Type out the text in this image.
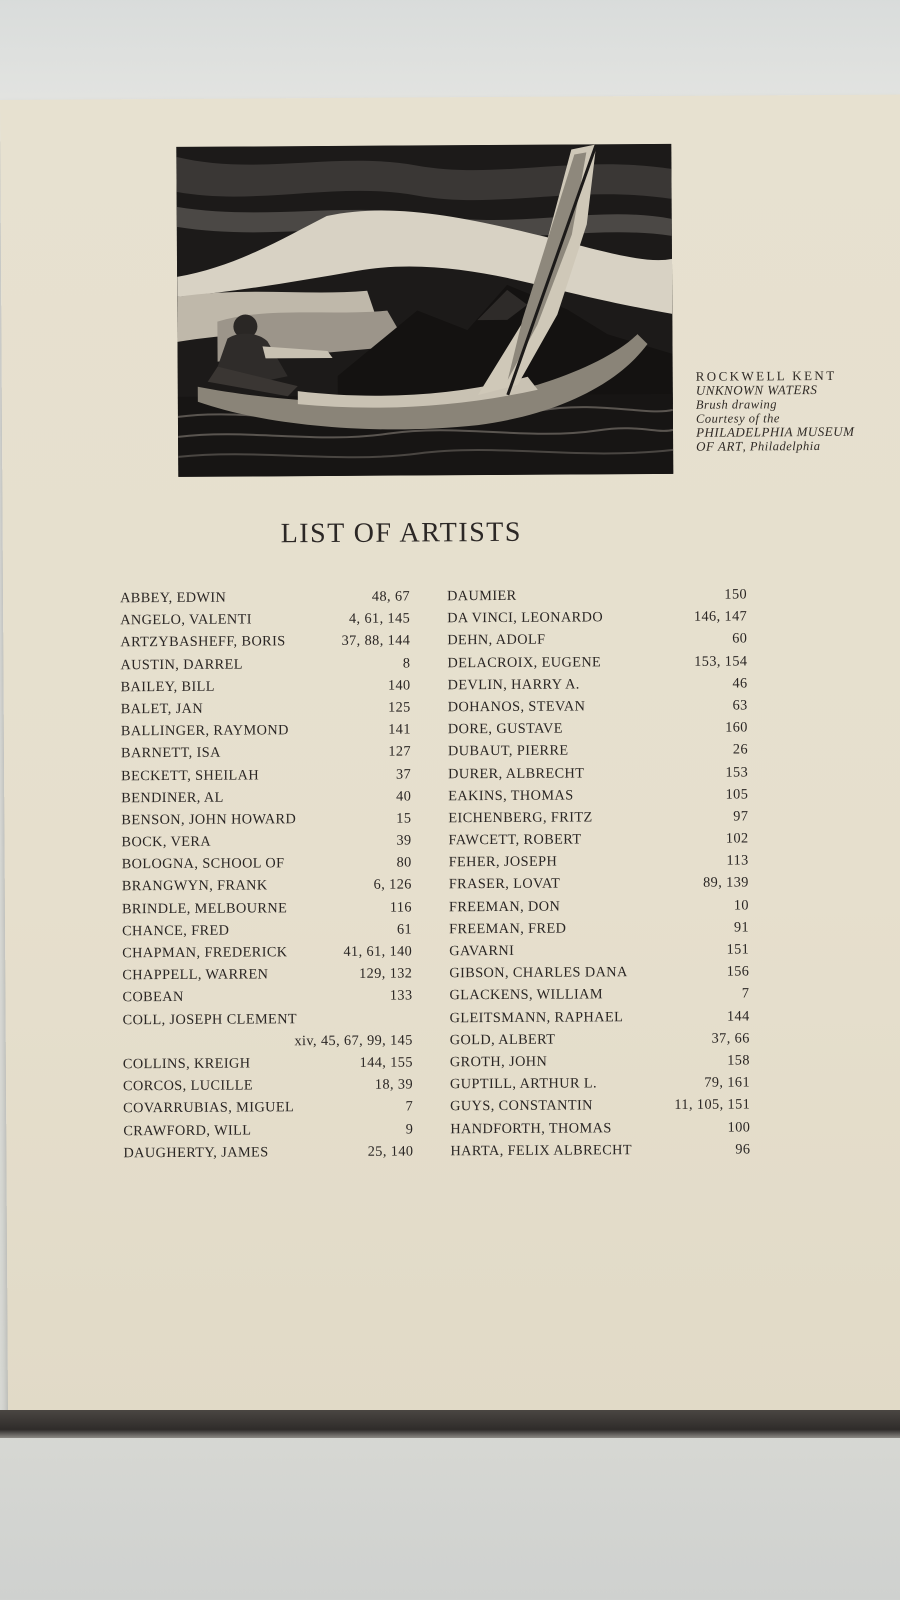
ROCKWELL KENT
UNKNOWN WATERS
Brush drawing
Courtesy of the
PHILADELPHIA MUSEUM
OF ART, Philadelphia
LIST OF ARTISTS
ABBEY, EDWIN	48, 67
ANGELO, VALENTI	4, 61, 145
ARTZYBASHEFF, BORIS	37, 88, 144
AUSTIN, DARREL	8
BAILEY, BILL	140
BALET, JAN	125
BALLINGER, RAYMOND	141
BARNETT, ISA	127
BECKETT, SHEILAH	37
BENDINER, AL	40
BENSON, JOHN HOWARD	15
BOCK, VERA	39
BOLOGNA, SCHOOL OF	80
BRANGWYN, FRANK	6, 126
BRINDLE, MELBOURNE	116
CHANCE, FRED	61
CHAPMAN, FREDERICK	41, 61, 140
CHAPPELL, WARREN	129, 132
COBEAN	133
COLL, JOSEPH CLEMENT
xiv, 45, 67, 99, 145
COLLINS, KREIGH	144, 155
CORCOS, LUCILLE	18, 39
COVARRUBIAS, MIGUEL	7
CRAWFORD, WILL	9
DAUGHERTY, JAMES	25, 140
DAUMIER	150
DA VINCI, LEONARDO	146, 147
DEHN, ADOLF	60
DELACROIX, EUGENE	153, 154
DEVLIN, HARRY A.	46
DOHANOS, STEVAN	63
DORE, GUSTAVE	160
DUBAUT, PIERRE	26
DURER, ALBRECHT	153
EAKINS, THOMAS	105
EICHENBERG, FRITZ	97
FAWCETT, ROBERT	102
FEHER, JOSEPH	113
FRASER, LOVAT	89, 139
FREEMAN, DON	10
FREEMAN, FRED	91
GAVARNI	151
GIBSON, CHARLES DANA	156
GLACKENS, WILLIAM	7
GLEITSMANN, RAPHAEL	144
GOLD, ALBERT	37, 66
GROTH, JOHN	158
GUPTILL, ARTHUR L.	79, 161
GUYS, CONSTANTIN	11, 105, 151
HANDFORTH, THOMAS	100
HARTA, FELIX ALBRECHT	96
